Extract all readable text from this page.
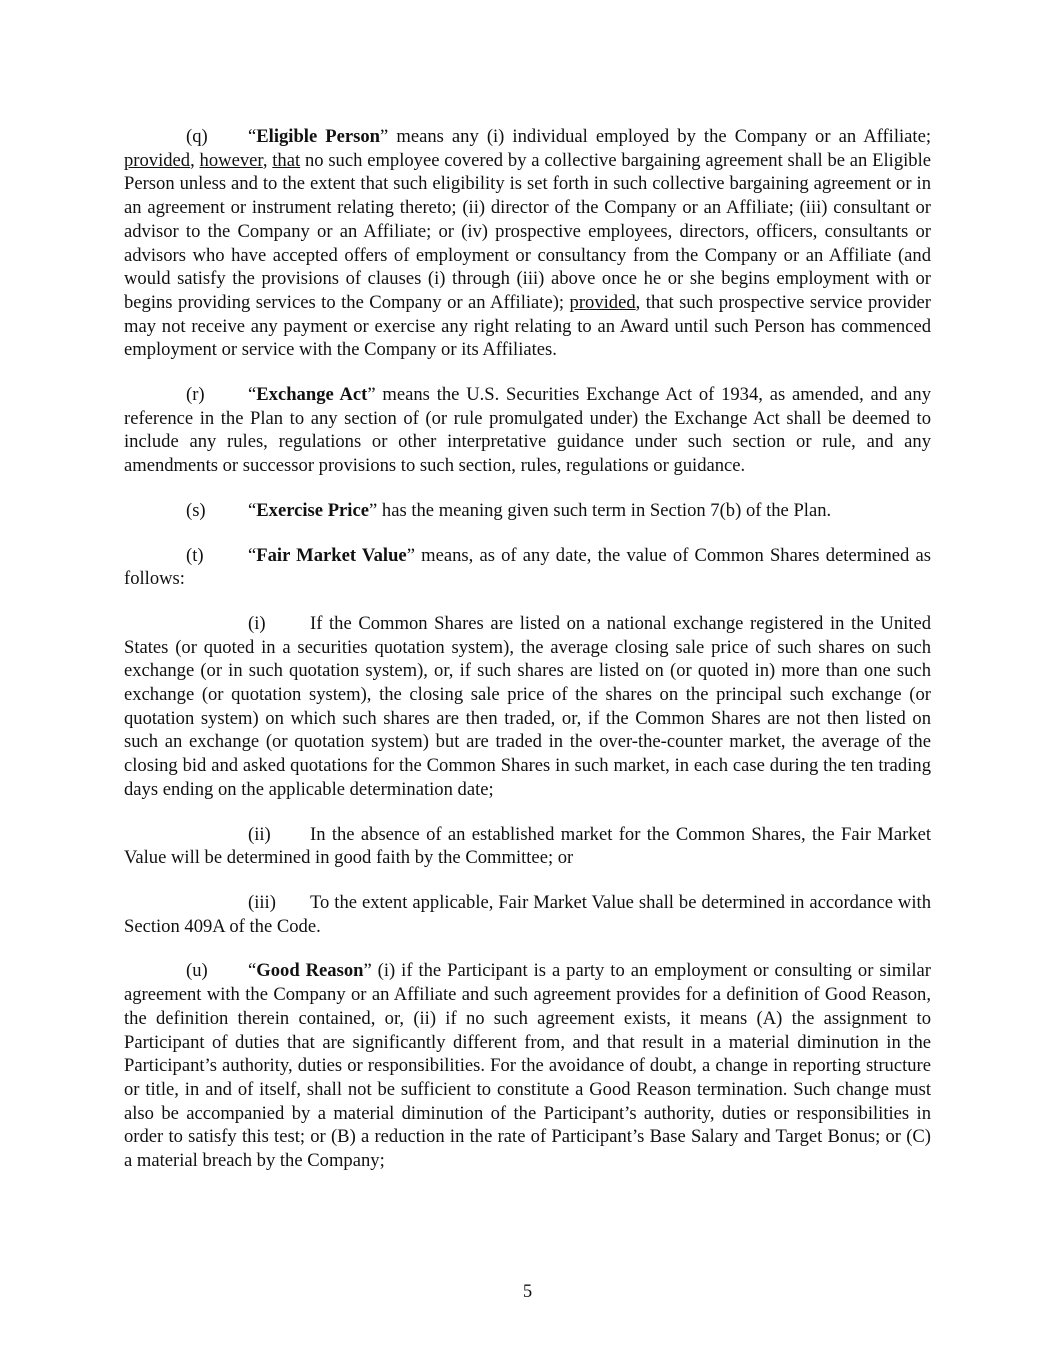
(q) “Eligible Person” means any (i) individual employed by the Company or an Affiliate; provided, however, that no such employee covered by a collective bargaining agreement shall be an Eligible Person unless and to the extent that such eligibility is set forth in such collective bargaining agreement or in an agreement or instrument relating thereto; (ii) director of the Company or an Affiliate; (iii) consultant or advisor to the Company or an Affiliate; or (iv) prospective employees, directors, officers, consultants or advisors who have accepted offers of employment or consultancy from the Company or an Affiliate (and would satisfy the provisions of clauses (i) through (iii) above once he or she begins employment with or begins providing services to the Company or an Affiliate); provided, that such prospective service provider may not receive any payment or exercise any right relating to an Award until such Person has commenced employment or service with the Company or its Affiliates.

(r) “Exchange Act” means the U.S. Securities Exchange Act of 1934, as amended, and any reference in the Plan to any section of (or rule promulgated under) the Exchange Act shall be deemed to include any rules, regulations or other interpretative guidance under such section or rule, and any amendments or successor provisions to such section, rules, regulations or guidance.

(s) “Exercise Price” has the meaning given such term in Section 7(b) of the Plan.

(t) “Fair Market Value” means, as of any date, the value of Common Shares determined as follows:

(i) If the Common Shares are listed on a national exchange registered in the United States (or quoted in a securities quotation system), the average closing sale price of such shares on such exchange (or in such quotation system), or, if such shares are listed on (or quoted in) more than one such exchange (or quotation system), the closing sale price of the shares on the principal such exchange (or quotation system) on which such shares are then traded, or, if the Common Shares are not then listed on such an exchange (or quotation system) but are traded in the over-the-counter market, the average of the closing bid and asked quotations for the Common Shares in such market, in each case during the ten trading days ending on the applicable determination date;

(ii) In the absence of an established market for the Common Shares, the Fair Market Value will be determined in good faith by the Committee; or

(iii) To the extent applicable, Fair Market Value shall be determined in accordance with Section 409A of the Code.

(u) “Good Reason” (i) if the Participant is a party to an employment or consulting or similar agreement with the Company or an Affiliate and such agreement provides for a definition of Good Reason, the definition therein contained, or, (ii) if no such agreement exists, it means (A) the assignment to Participant of duties that are significantly different from, and that result in a material diminution in the Participant’s authority, duties or responsibilities. For the avoidance of doubt, a change in reporting structure or title, in and of itself, shall not be sufficient to constitute a Good Reason termination. Such change must also be accompanied by a material diminution of the Participant’s authority, duties or responsibilities in order to satisfy this test; or (B) a reduction in the rate of Participant’s Base Salary and Target Bonus; or (C) a material breach by the Company;

5
